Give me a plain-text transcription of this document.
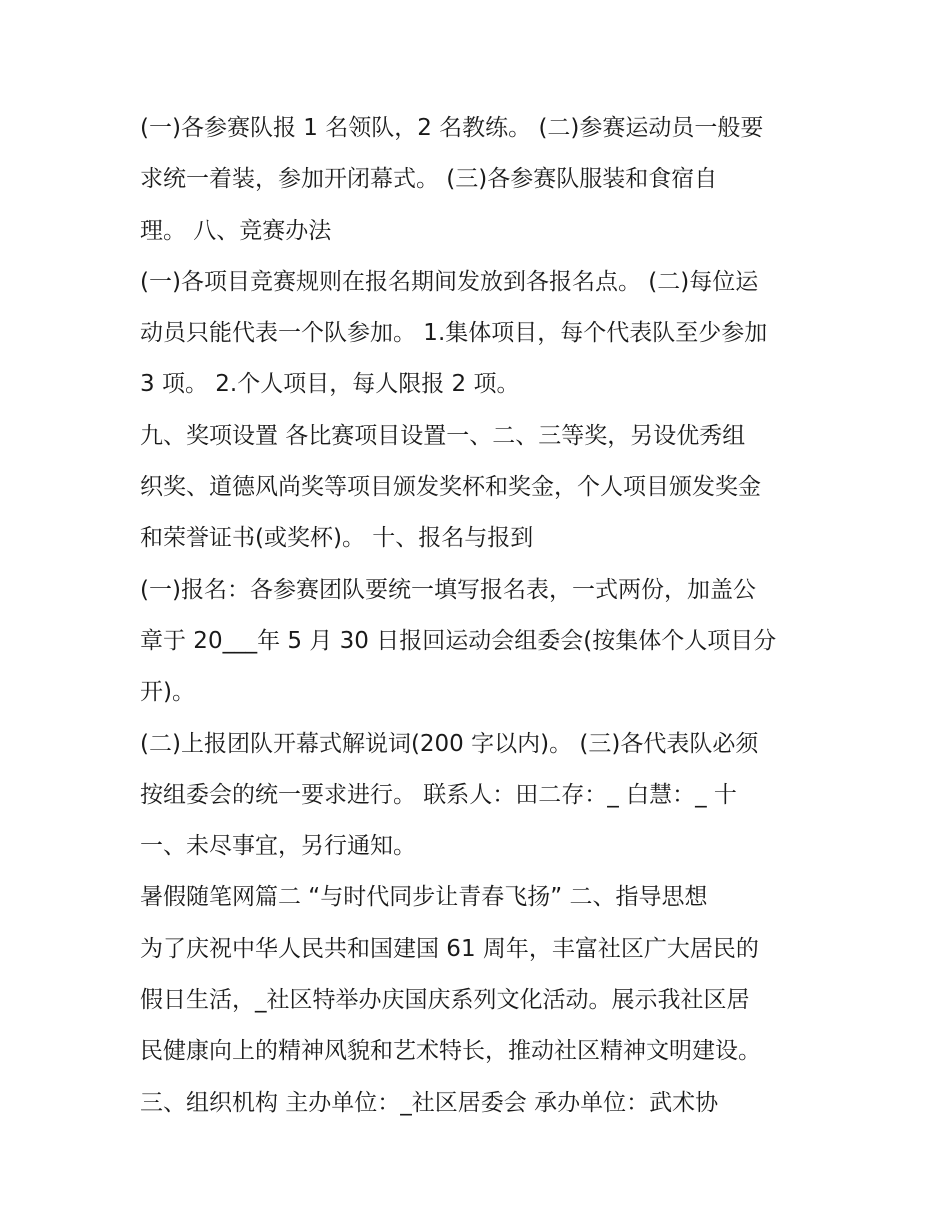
(一)各参赛队报 1 名领队，2 名教练。 (二)参赛运动员一般要
求统一着装，参加开闭幕式。 (三)各参赛队服装和食宿自
理。 八、竞赛办法
(一)各项目竞赛规则在报名期间发放到各报名点。 (二)每位运
动员只能代表一个队参加。 1.集体项目，每个代表队至少参加
3 项。 2.个人项目，每人限报 2 项。
九、奖项设置 各比赛项目设置一、二、三等奖，另设优秀组
织奖、道德风尚奖等项目颁发奖杯和奖金，个人项目颁发奖金
和荣誉证书(或奖杯)。 十、报名与报到
(一)报名：各参赛团队要统一填写报名表，一式两份，加盖公
章于 20___年 5 月 30 日报回运动会组委会(按集体个人项目分
开)。
(二)上报团队开幕式解说词(200 字以内)。 (三)各代表队必须
按组委会的统一要求进行。 联系人：田二存：_ 白慧：_ 十
一、未尽事宜，另行通知。
暑假随笔网篇二 “与时代同步让青春飞扬” 二、指导思想
为了庆祝中华人民共和国建国 61 周年，丰富社区广大居民的
假日生活，_社区特举办庆国庆系列文化活动。展示我社区居
民健康向上的精神风貌和艺术特长，推动社区精神文明建设。
三、组织机构 主办单位：_社区居委会 承办单位：武术协
